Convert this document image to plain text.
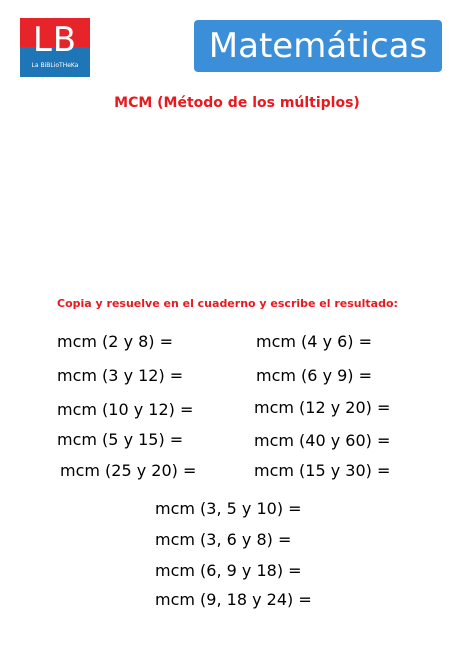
LB
La BiBLioTHeKa	Matemáticas
MCM (Método de los múltiplos)
Copia y resuelve en el cuaderno y escribe el resultado:
mcm (2 y 8) =
mcm (3 y 12) =
mcm (10 y 12) =
mcm (5 y 15) =
mcm (25 y 20) =
mcm (4 y 6) =
mcm (6 y 9) =
mcm (12 y 20) =
mcm (40 y 60) =
mcm (15 y 30) =
mcm (3, 5 y 10) =
mcm (3, 6 y 8) =
mcm (6, 9 y 18) =
mcm (9, 18 y 24) =
